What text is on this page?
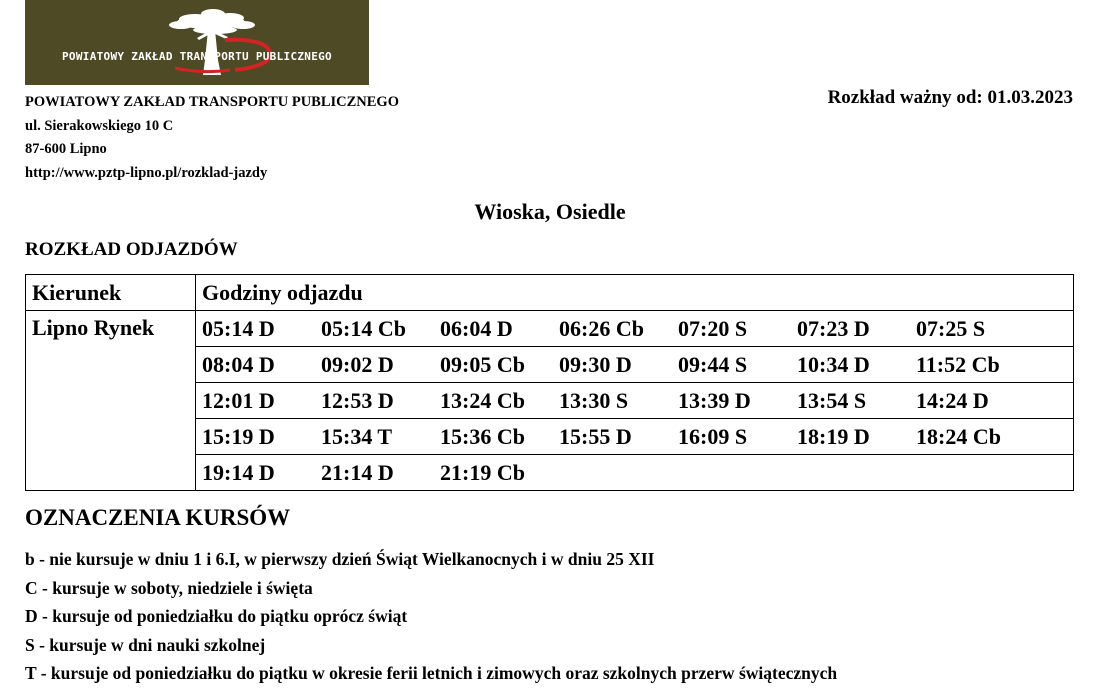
POWIATOWY ZAKŁAD TRANSPORTU PUBLICZNEGO
POWIATOWY ZAKŁAD TRANSPORTU PUBLICZNEGO
ul. Sierakowskiego 10 C
87-600 Lipno
http://www.pztp-lipno.pl/rozklad-jazdy
Rozkład ważny od: 01.03.2023
Wioska, Osiedle
ROZKŁAD ODJAZDÓW
Kierunek	Godziny odjazdu
Lipno Rynek	05:14 D 05:14 Cb 06:04 D 06:26 Cb 07:20 S 07:23 D 07:25 S
	08:04 D 09:02 D 09:05 Cb 09:30 D 09:44 S 10:34 D 11:52 Cb
	12:01 D 12:53 D 13:24 Cb 13:30 S 13:39 D 13:54 S 14:24 D
	15:19 D 15:34 T 15:36 Cb 15:55 D 16:09 S 18:19 D 18:24 Cb
	19:14 D 21:14 D 21:19 Cb
OZNACZENIA KURSÓW
b - nie kursuje w dniu 1 i 6.I, w pierwszy dzień Świąt Wielkanocnych i w dniu 25 XII
C - kursuje w soboty, niedziele i święta
D - kursuje od poniedziałku do piątku oprócz świąt
S - kursuje w dni nauki szkolnej
T - kursuje od poniedziałku do piątku w okresie ferii letnich i zimowych oraz szkolnych przerw świątecznych
